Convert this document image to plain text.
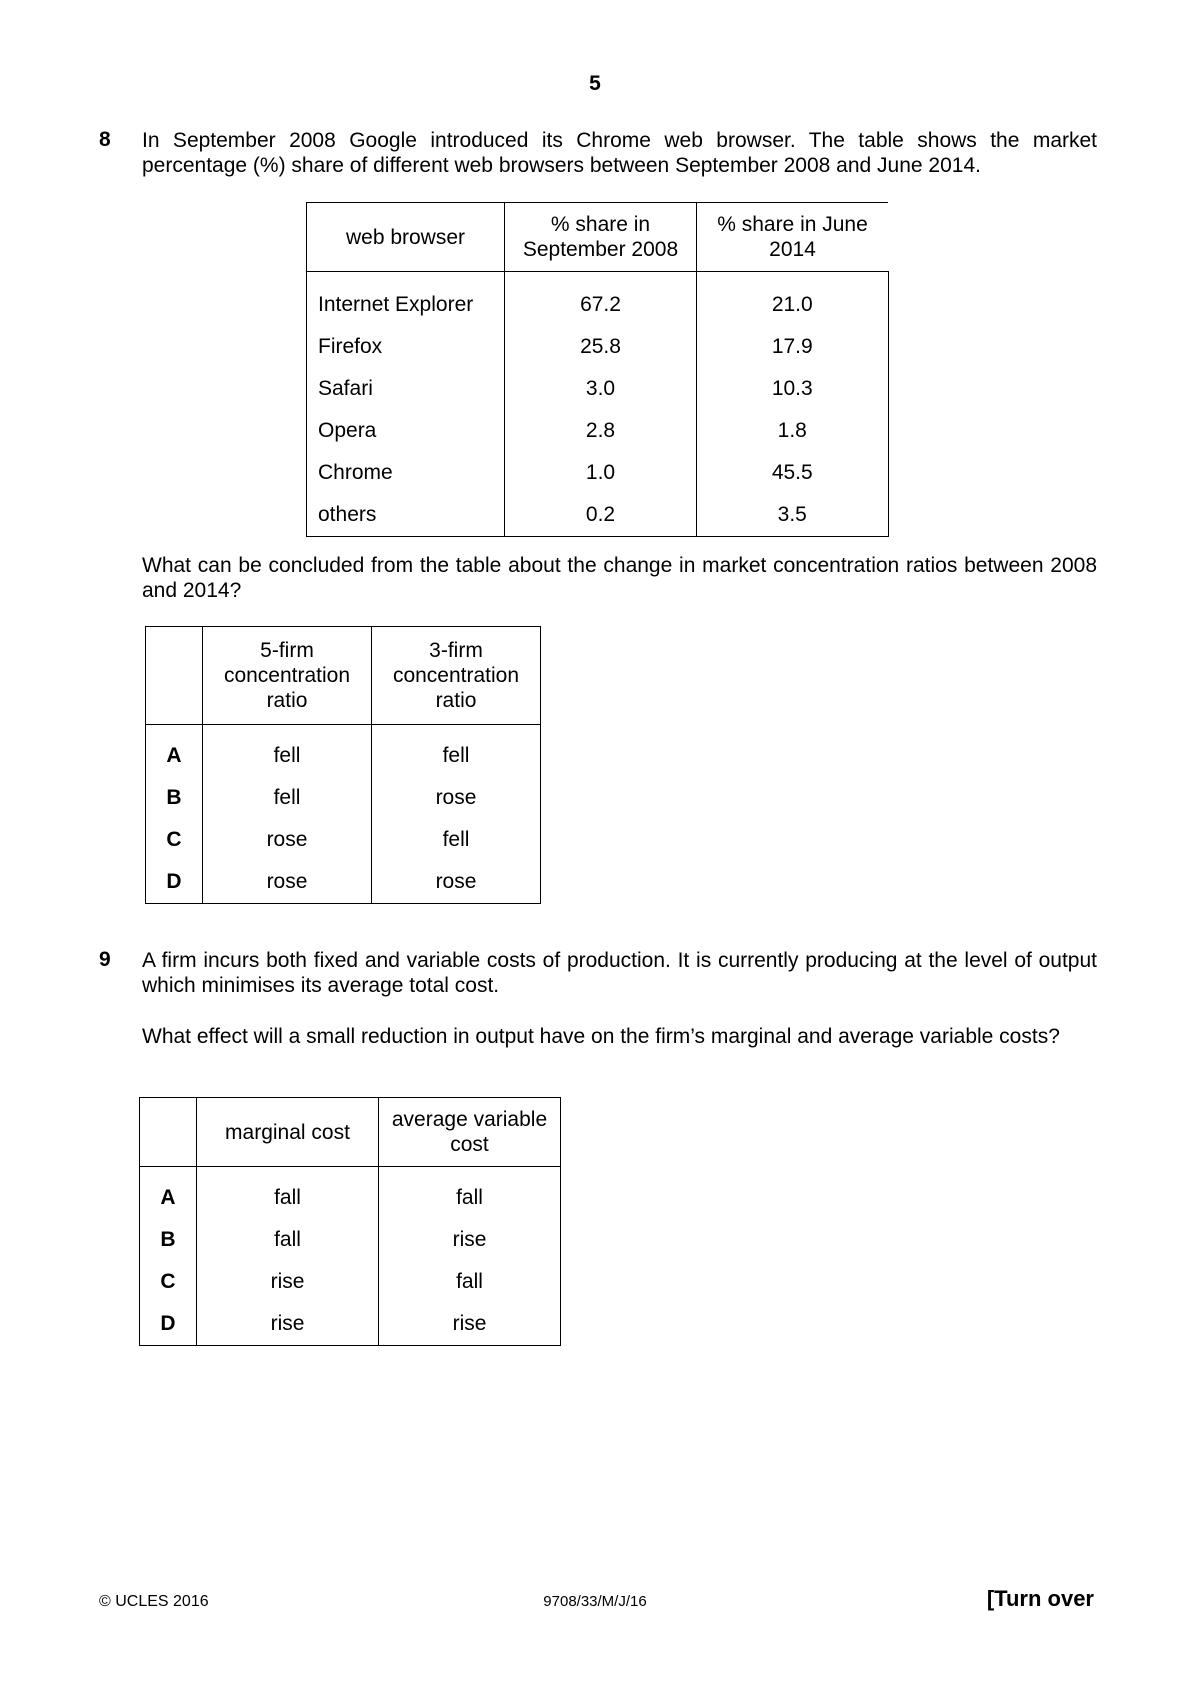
5
8 In September 2008 Google introduced its Chrome web browser. The table shows the market percentage (%) share of different web browsers between September 2008 and June 2014.
web browser	% share in September 2008	% share in June 2014
Internet Explorer	67.2	21.0
Firefox	25.8	17.9
Safari	3.0	10.3
Opera	2.8	1.8
Chrome	1.0	45.5
others	0.2	3.5
What can be concluded from the table about the change in market concentration ratios between 2008 and 2014?
	5-firm concentration ratio	3-firm concentration ratio
A	fell	fell
B	fell	rose
C	rose	fell
D	rose	rose
9 A firm incurs both fixed and variable costs of production. It is currently producing at the level of output which minimises its average total cost.
What effect will a small reduction in output have on the firm’s marginal and average variable costs?
	marginal cost	average variable cost
A	fall	fall
B	fall	rise
C	rise	fall
D	rise	rise
© UCLES 2016	9708/33/M/J/16	[Turn over
